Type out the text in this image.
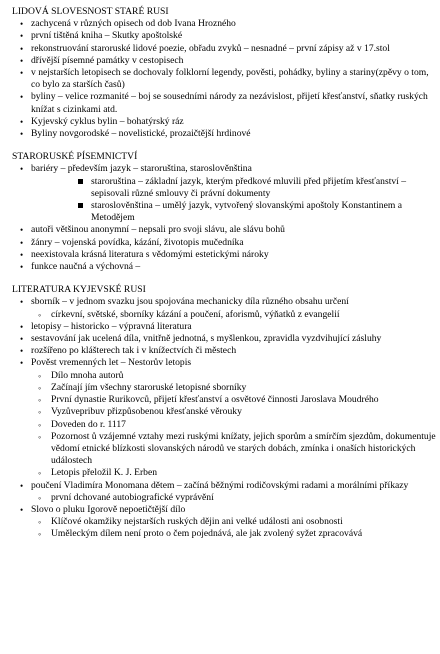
LIDOVÁ SLOVESNOST STARÉ RUSI
• zachycená v různých opisech od dob Ivana Hrozného
• první tištěná kniha – Skutky apoštolské
• rekonstruování staroruské lidové poezie, obřadu zvyků – nesnadné – první zápisy až v 17.stol
• dřívější písemné památky v cestopisech
• v nejstarších letopisech se dochovaly folklorní legendy, pověsti, pohádky, byliny a stariny(zpěvy o tom, co bylo za starších časů)
• byliny – velice rozmanité – boj se sousedními národy za nezávislost, přijetí křesťanství, sňatky ruských knížat s cizinkami atd.
• Kyjevský cyklus bylin – bohatýrský ráz
• Byliny novgorodské – novelistické, prozaičtější hrdinové
STARORUSKÉ PÍSEMNICTVÍ
• bariéry – především jazyk – staroruština, staroslověnština
staroruština – základní jazyk, kterým předkové mluvili před přijetím křesťanství – sepisovali různé smlouvy či právní dokumenty
staroslověnština – umělý jazyk, vytvořený slovanskými apoštoly Konstantinem a Metodějem
• autoři většinou anonymní – nepsali pro svoji slávu, ale slávu bohů
• žánry – vojenská povídka, kázání, životopis mučedníka
• neexistovala krásná literatura s vědomými estetickými nároky
• funkce naučná a výchovná –
LITERATURA KYJEVSKÉ RUSI
• sborník – v jednom svazku jsou spojována mechanicky díla různého obsahu určení
◦ církevní, světské, sborníky kázání a poučení, aforismů, výňatků z evangelií
• letopisy – historicko – výpravná literatura
• sestavování jak ucelená díla, vnitřně jednotná, s myšlenkou, zpravidla vyzdvihující zásluhy
• rozšířeno po klášterech tak i v knížectvích či městech
• Pověst vremenných let – Nestorův letopis
◦ Dílo mnoha autorů
◦ Začínají jím všechny staroruské letopisné sborníky
◦ První dynastie Rurikovců, přijetí křesťanství a osvětové činnosti Jaroslava Moudrého
◦ Vyzůvepribuv přizpůsobenou křesťanské věrouky
◦ Doveden do r. 1117
◦ Pozornost ů vzájemné vztahy mezi ruskými knížaty, jejich sporům a smírčím sjezdům, dokumentuje vědomí etnické blízkosti slovanských národů ve starých dobách, zmínka i onaších historických událostech
◦ Letopis přeložil K. J. Erben
• poučení Vladimíra Monomana dětem – začíná běžnými rodičovskými radami a morálními příkazy
◦ první dchované autobiografické vyprávění
• Slovo o pluku Igorově nepoetičtější dílo
◦ Klíčové okamžiky nejstarších ruských dějin ani velké události ani osobnosti
◦ Uměleckým dílem není proto o čem pojednává, ale jak zvolený syžet zpracovává
